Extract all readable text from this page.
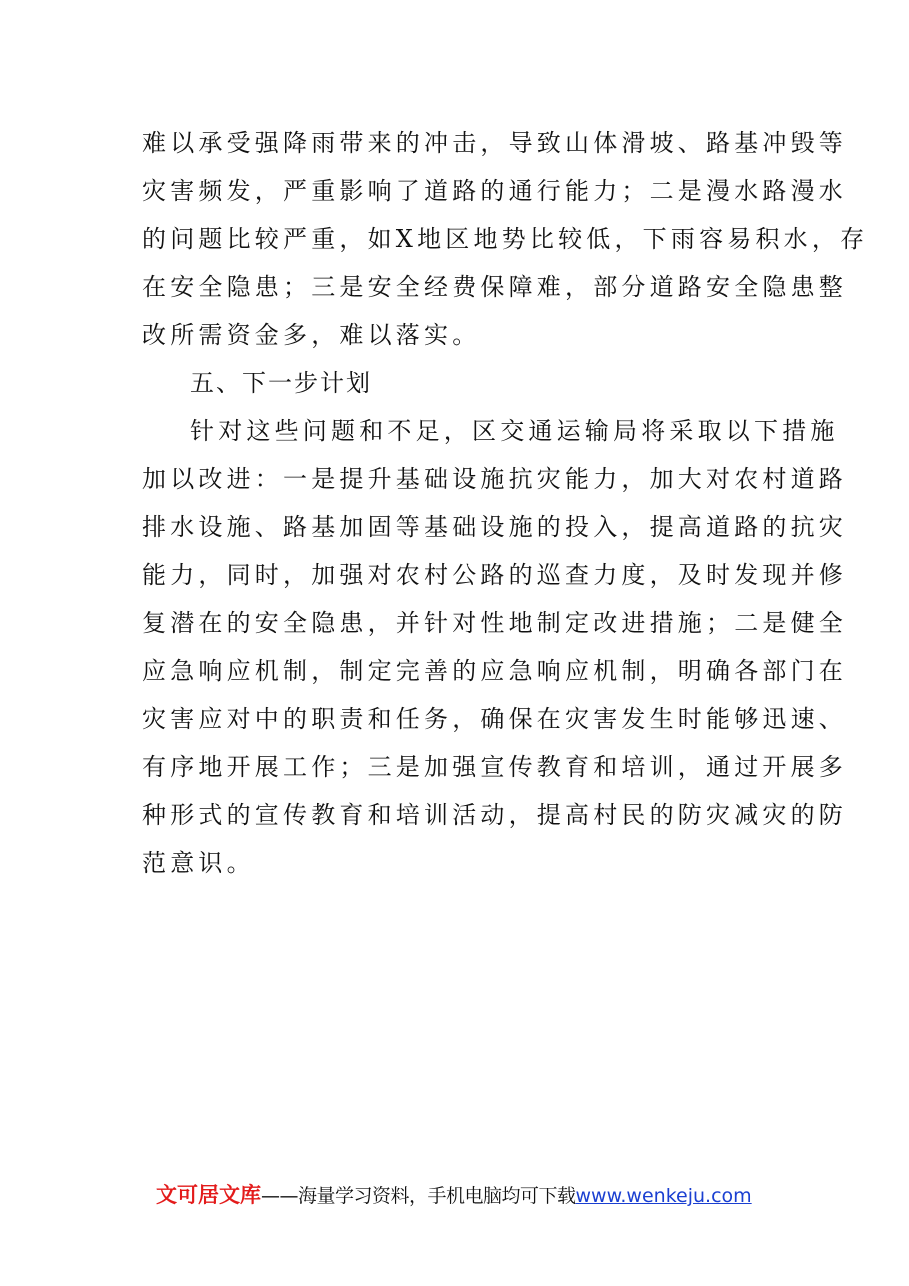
难以承受强降雨带来的冲击，导致山体滑坡、路基冲毁等
灾害频发，严重影响了道路的通行能力；二是漫水路漫水
的问题比较严重，如X地区地势比较低，下雨容易积水，存
在安全隐患；三是安全经费保障难，部分道路安全隐患整
改所需资金多，难以落实。
五、下一步计划
针对这些问题和不足，区交通运输局将采取以下措施
加以改进：一是提升基础设施抗灾能力，加大对农村道路
排水设施、路基加固等基础设施的投入，提高道路的抗灾
能力，同时，加强对农村公路的巡查力度，及时发现并修
复潜在的安全隐患，并针对性地制定改进措施；二是健全
应急响应机制，制定完善的应急响应机制，明确各部门在
灾害应对中的职责和任务，确保在灾害发生时能够迅速、
有序地开展工作；三是加强宣传教育和培训，通过开展多
种形式的宣传教育和培训活动，提高村民的防灾减灾的防
范意识。
文可居文库——海量学习资料，手机电脑均可下载www.wenkeju.com
